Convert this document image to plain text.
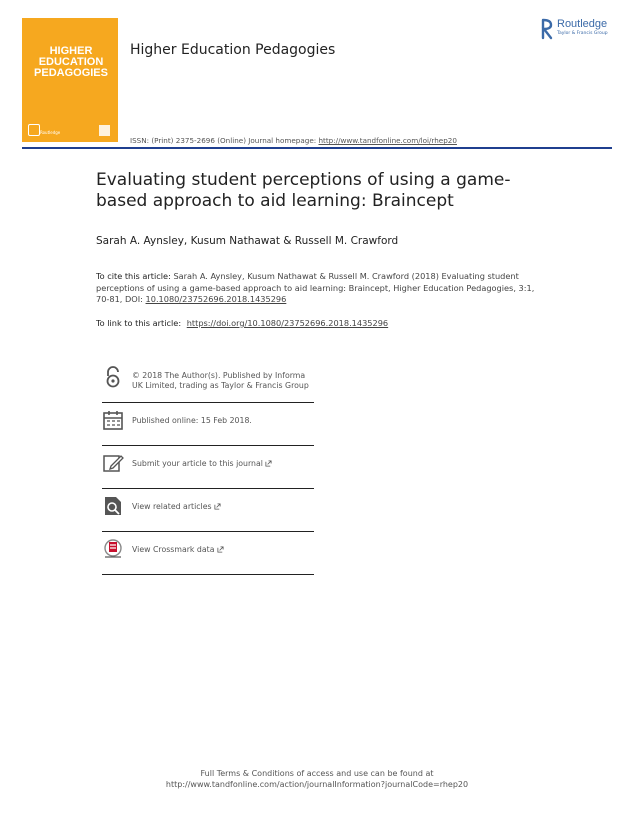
HIGHER
EDUCATION
PEDAGOGIES
Routledge
Higher Education Pedagogies
ISSN: (Print) 2375-2696 (Online) Journal homepage: http://www.tandfonline.com/loi/rhep20
Routledge
Taylor & Francis Group
Evaluating student perceptions of using a game-based approach to aid learning: Braincept
Sarah A. Aynsley, Kusum Nathawat & Russell M. Crawford
To cite this article: Sarah A. Aynsley, Kusum Nathawat & Russell M. Crawford (2018) Evaluating student perceptions of using a game-based approach to aid learning: Braincept, Higher Education Pedagogies, 3:1, 70-81, DOI: 10.1080/23752696.2018.1435296
To link to this article: https://doi.org/10.1080/23752696.2018.1435296
© 2018 The Author(s). Published by Informa UK Limited, trading as Taylor & Francis Group
Published online: 15 Feb 2018.
Submit your article to this journal
View related articles
View Crossmark data
Full Terms & Conditions of access and use can be found at
http://www.tandfonline.com/action/journalInformation?journalCode=rhep20
